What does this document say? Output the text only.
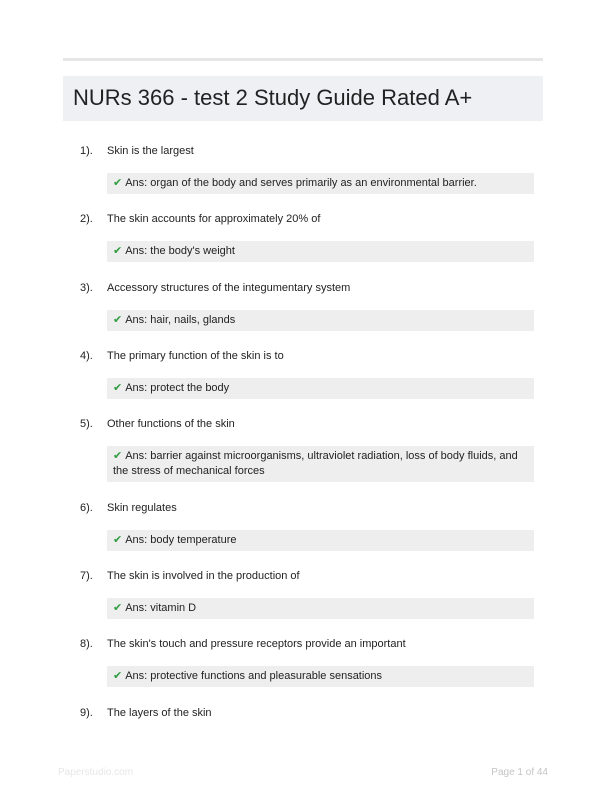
NURs 366 - test 2 Study Guide Rated A+
1). Skin is the largest
✔ Ans: organ of the body and serves primarily as an environmental barrier.
2). The skin accounts for approximately 20% of
✔ Ans: the body's weight
3). Accessory structures of the integumentary system
✔ Ans: hair, nails, glands
4). The primary function of the skin is to
✔ Ans: protect the body
5). Other functions of the skin
✔ Ans: barrier against microorganisms, ultraviolet radiation, loss of body fluids, and the stress of mechanical forces
6). Skin regulates
✔ Ans: body temperature
7). The skin is involved in the production of
✔ Ans: vitamin D
8). The skin's touch and pressure receptors provide an important
✔ Ans: protective functions and pleasurable sensations
9). The layers of the skin
Paperstudio.com	Page 1 of 44
